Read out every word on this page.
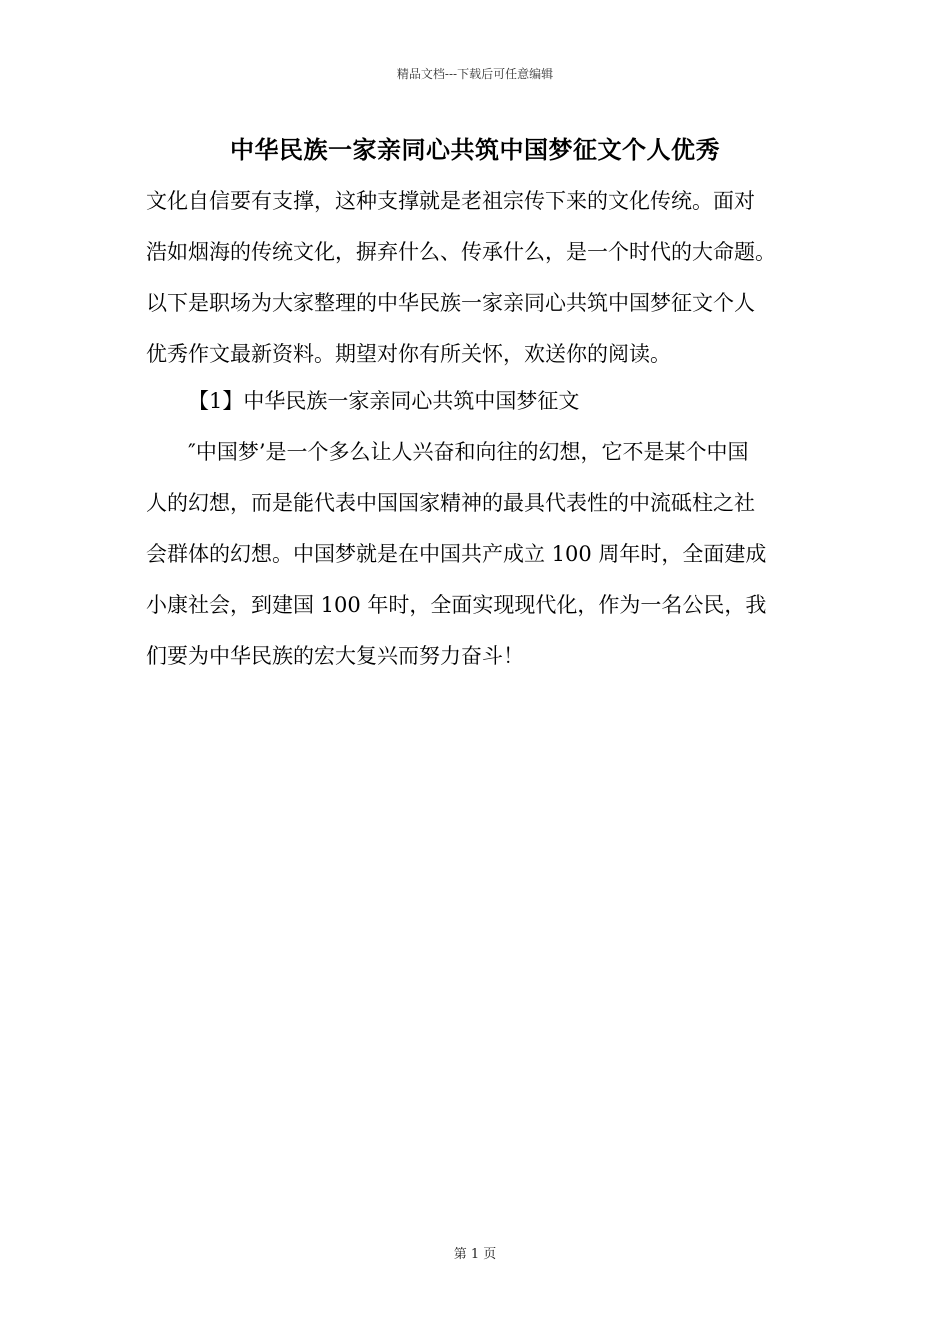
精品文档---下载后可任意编辑
中华民族一家亲同心共筑中国梦征文个人优秀
文化自信要有支撑，这种支撑就是老祖宗传下来的文化传统。面对
浩如烟海的传统文化，摒弃什么、传承什么，是一个时代的大命题。
以下是职场为大家整理的中华民族一家亲同心共筑中国梦征文个人
优秀作文最新资料。期望对你有所关怀，欢送你的阅读。
【1】中华民族一家亲同心共筑中国梦征文
″中国梦’是一个多么让人兴奋和向往的幻想，它不是某个中国
人的幻想，而是能代表中国国家精神的最具代表性的中流砥柱之社
会群体的幻想。中国梦就是在中国共产成立 100 周年时，全面建成
小康社会，到建国 100 年时，全面实现现代化，作为一名公民，我
们要为中华民族的宏大复兴而努力奋斗！
第 1 页
